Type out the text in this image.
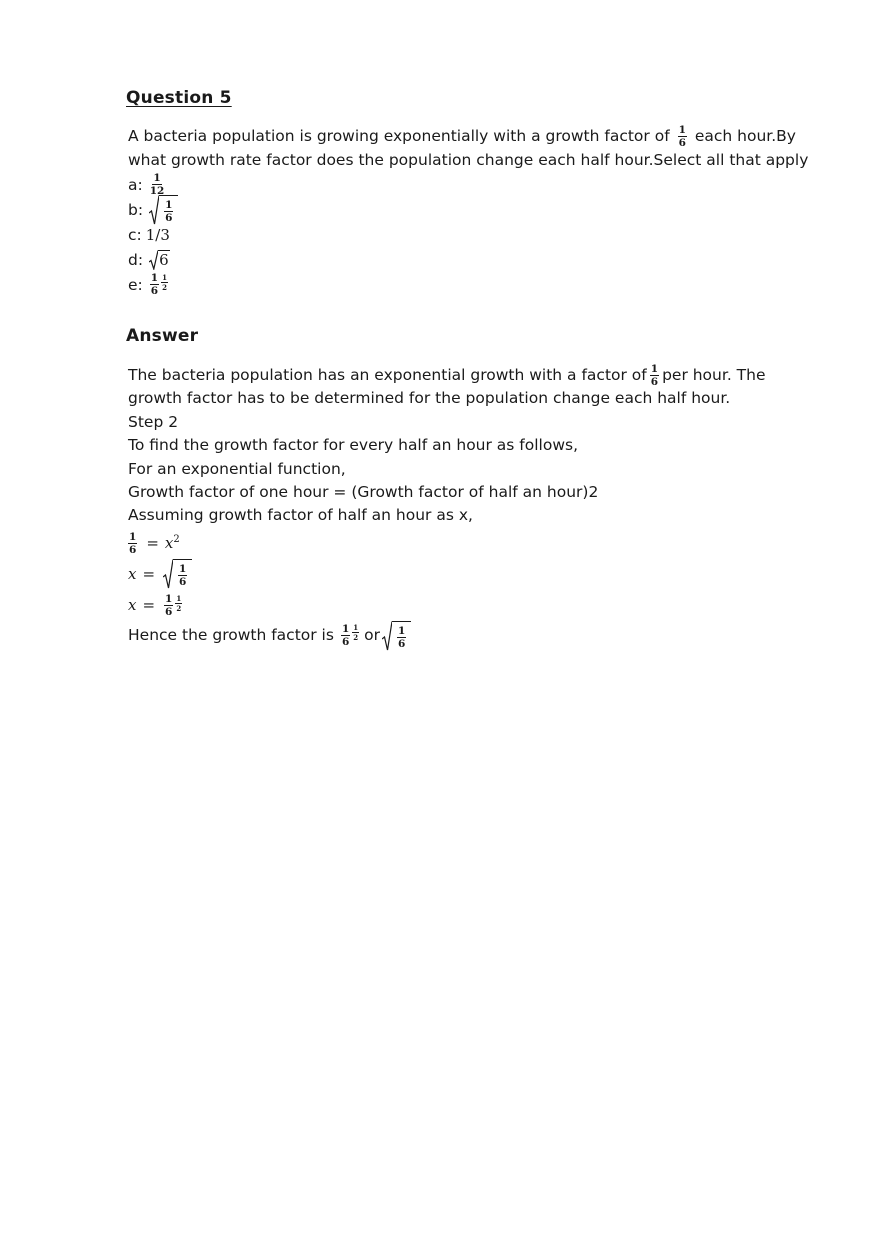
Question 5
A bacteria population is growing exponentially with a growth factor of $\frac{1}{6}$ each hour.By
what growth rate factor does the population change each half hour.Select all that apply
a: $\frac{1}{12}$
b: $\frac{1}{6}$
c: 1/3
d: 6
e: $\frac{1}{6} \frac{1}{2}$
Answer
The bacteria population has an exponential growth with a factor of $\frac{1}{6}$ per hour. The
growth factor has to be determined for the population change each half hour.
Step 2
To find the growth factor for every half an hour as follows,
For an exponential function,
Growth factor of one hour = (Growth factor of half an hour)2
Assuming growth factor of half an hour as x,
$\frac{1}{6} = x$ 2
$x = \frac{1}{6}$
$x = \frac{1}{6} \frac{1}{2}$
Hence the growth factor is $\frac{1}{6} \frac{1}{2}$ or $\frac{1}{6}$
